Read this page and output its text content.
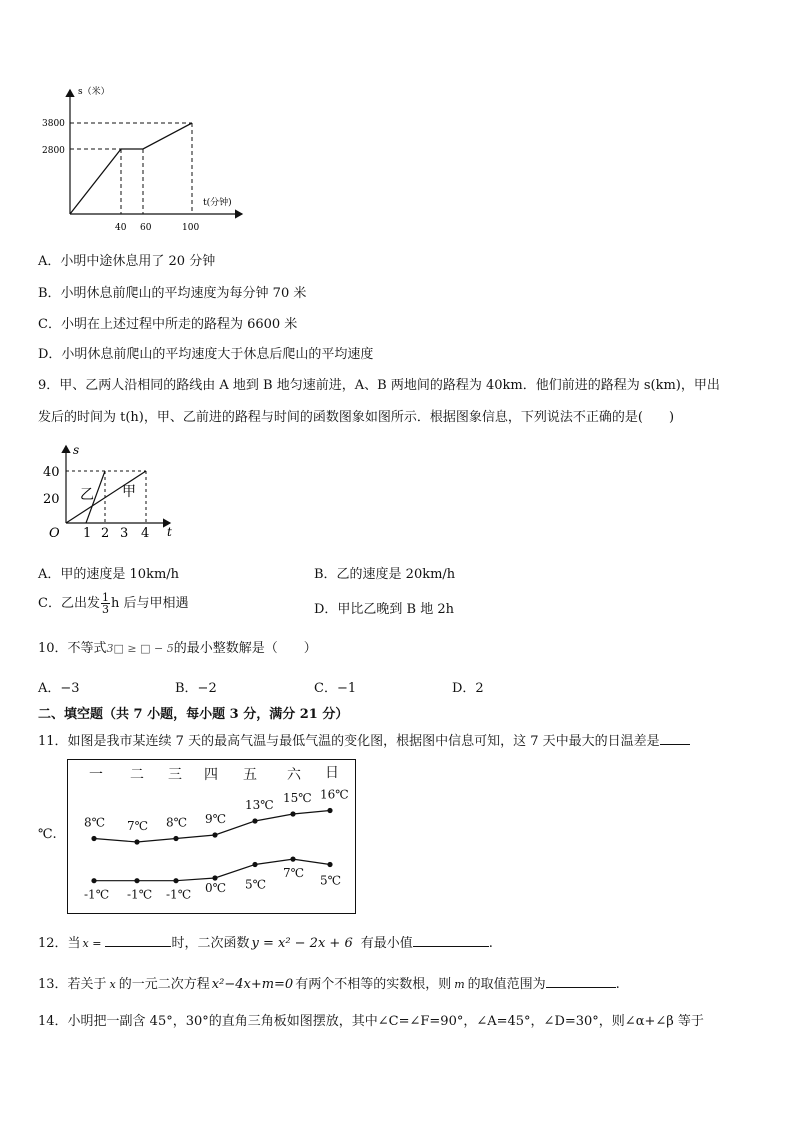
s（米）
t(分钟)
3800
2800
40 60	100
A．小明中途休息用了 20 分钟
B．小明休息前爬山的平均速度为每分钟 70 米
C．小明在上述过程中所走的路程为 6600 米
D．小明休息前爬山的平均速度大于休息后爬山的平均速度
9．甲、乙两人沿相同的路线由 A 地到 B 地匀速前进，A、B 两地间的路程为 40km．他们前进的路程为 s(km)，甲出
发后的时间为 t(h)，甲、乙前进的路程与时间的函数图象如图所示．根据图象信息，下列说法不正确的是(　　)
s
t
O
40
20
1 2 3 4
乙 甲
A．甲的速度是 10km/h	B．乙的速度是 20km/h
C．乙出发 $\frac{1}{3}$ h 后与甲相遇	D．甲比乙晚到 B 地 2h
10．不等式3□ ≥ □ − 5的最小整数解是（　　）
A．−3	B．−2	C．−1	D．2
二、填空题（共 7 小题，每小题 3 分，满分 21 分）
11．如图是我市某连续 7 天的最高气温与最低气温的变化图，根据图中信息可知，这 7 天中最大的日温差是
℃.
一 二 三 四 五 六 日
8℃ 7℃ 8℃ 9℃
13℃ 15℃ 16℃
-1℃ -1℃ -1℃ 0℃ 5℃
7℃
5℃
12．当 x =	时，二次函数 y = x² − 2x + 6 有最小值	.
13．若关于 x 的一元二次方程 x²−4x+m=0 有两个不相等的实数根，则 m 的取值范围为	.
14．小明把一副含 45°，30°的直角三角板如图摆放，其中∠C=∠F=90°，∠A=45°，∠D=30°，则∠α+∠β 等于
